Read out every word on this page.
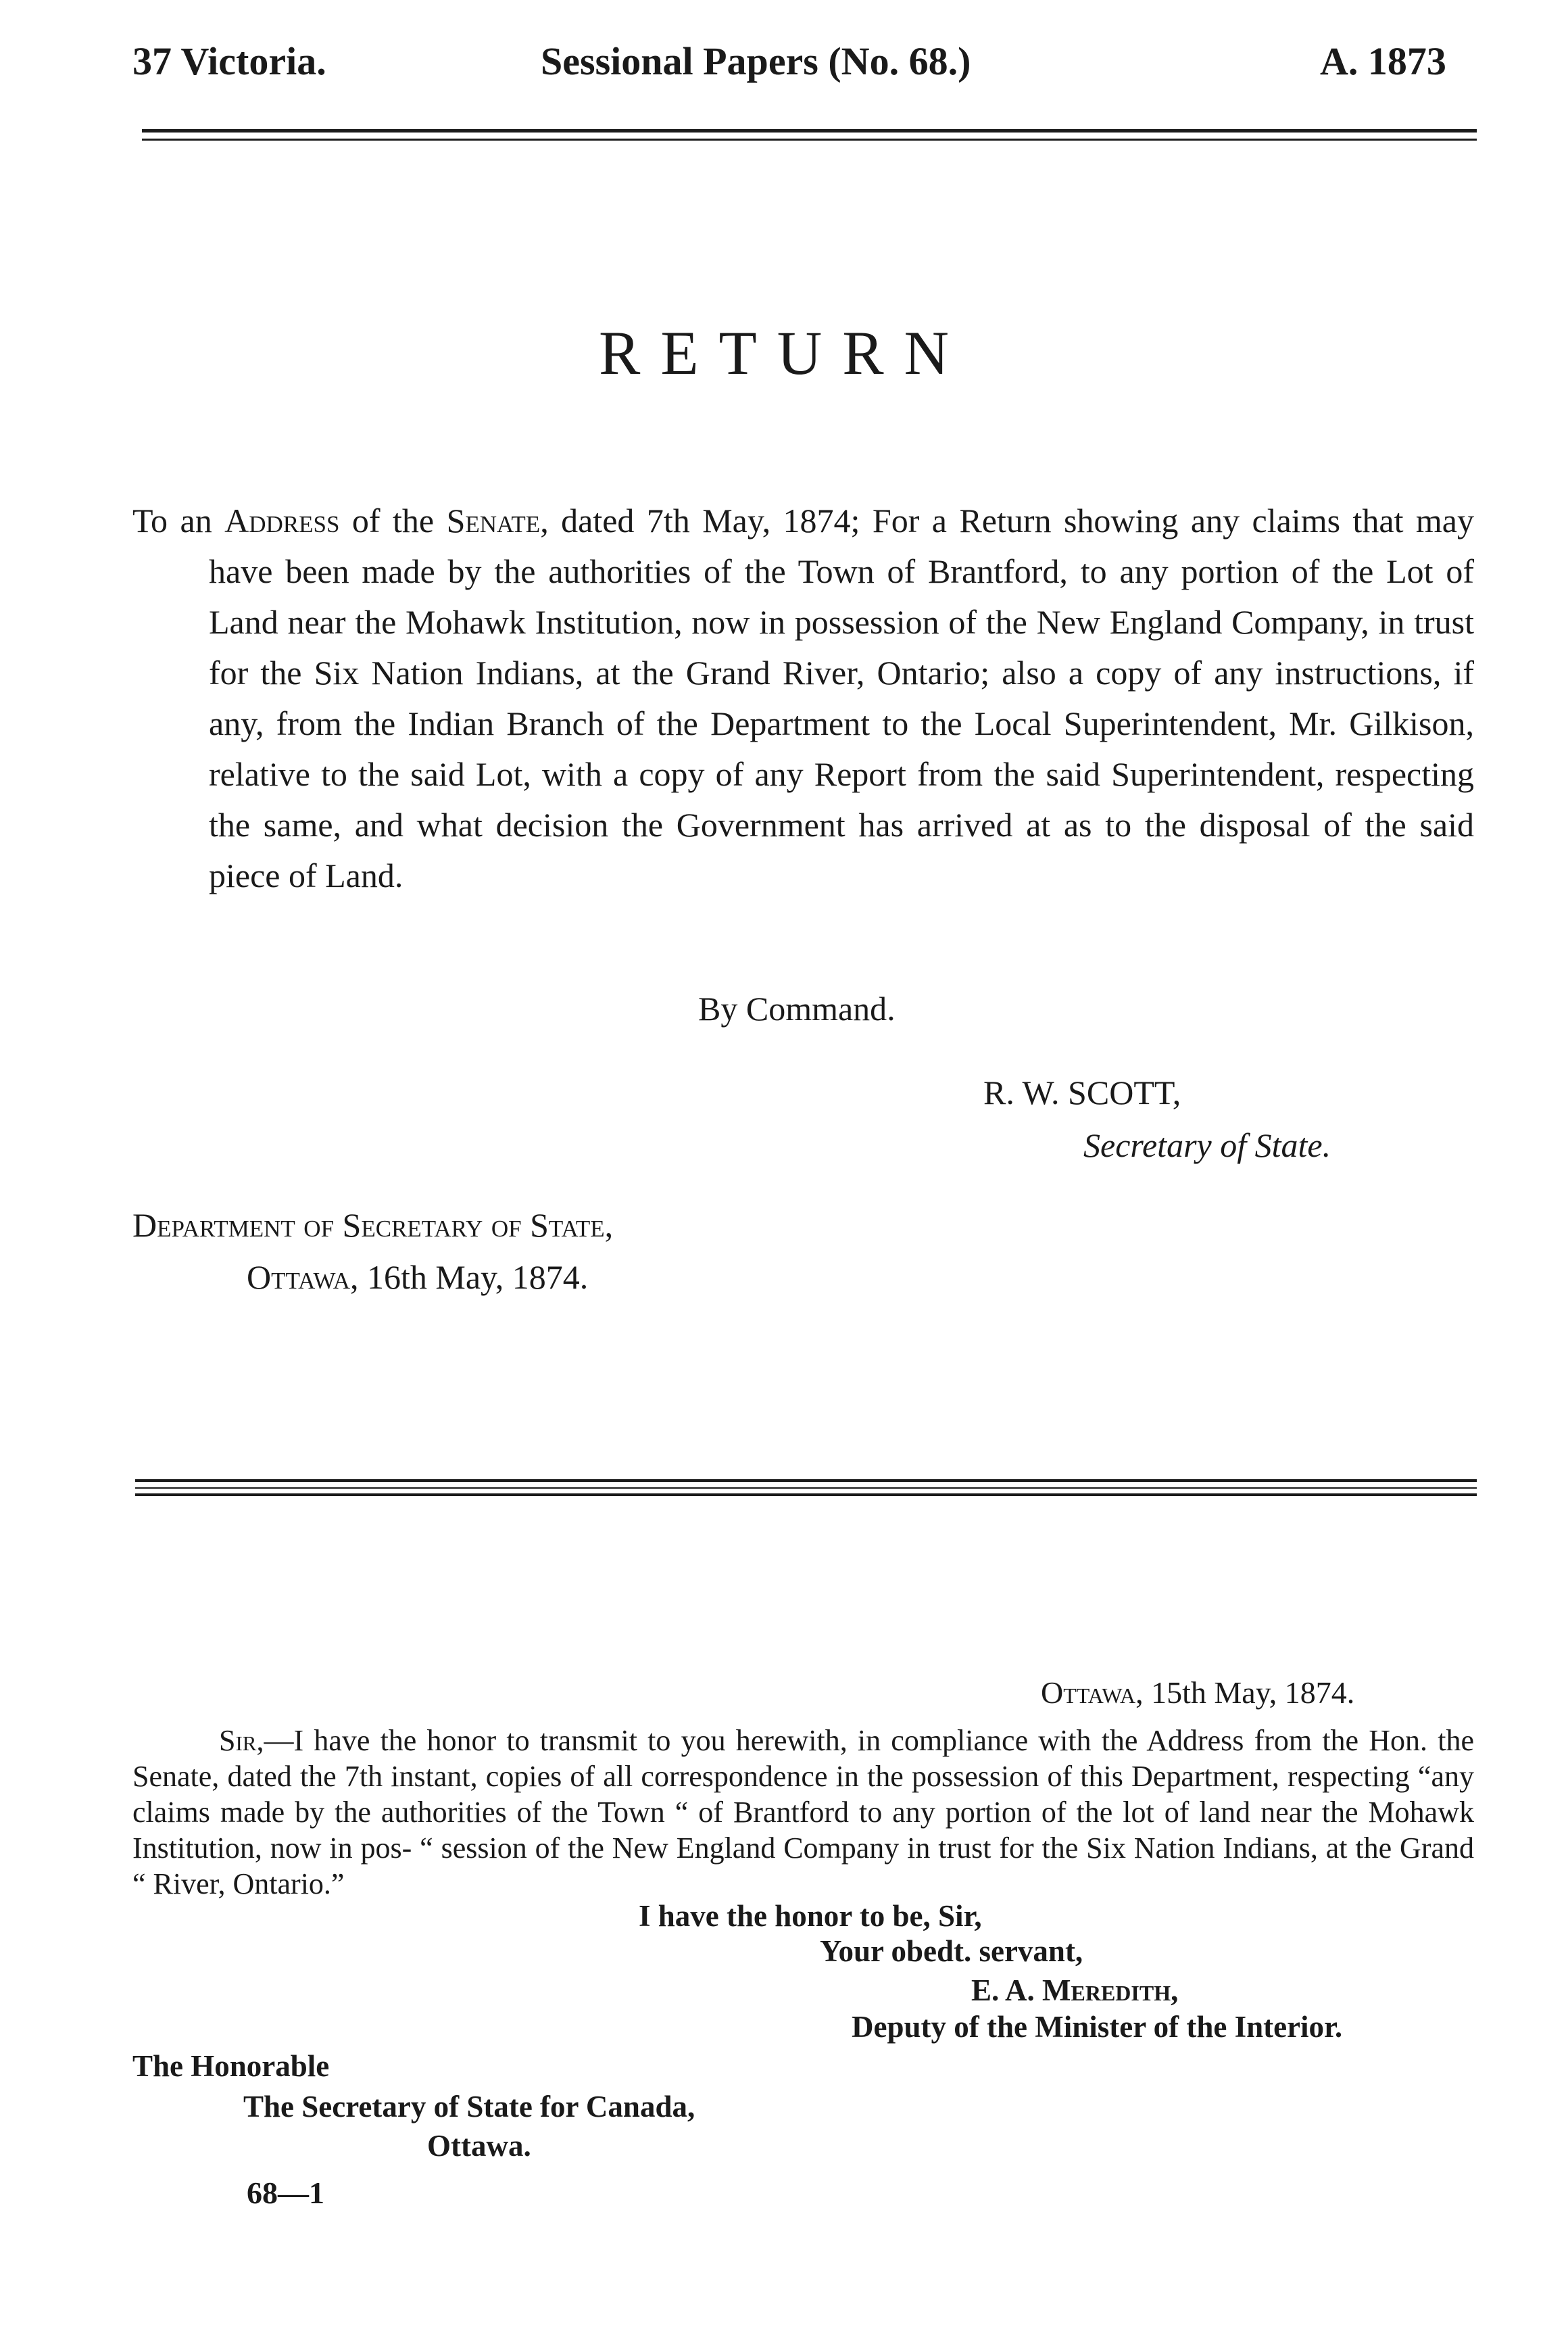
37 Victoria.	Sessional Papers (No. 68.)	A. 1873
RETURN

To an Address of the Senate, dated 7th May, 1874; For a Return showing any claims that may have been made by the authorities of the Town of Brantford, to any portion of the Lot of Land near the Mohawk Institution, now in possession of the New England Company, in trust for the Six Nation Indians, at the Grand River, Ontario; also a copy of any instructions, if any, from the Indian Branch of the Department to the Local Superintendent, Mr. Gilkison, relative to the said Lot, with a copy of any Report from the said Superintendent, respecting the same, and what decision the Government has arrived at as to the disposal of the said piece of Land.

By Command.
R. W. SCOTT,
Secretary of State.
Department of Secretary of State,
Ottawa, 16th May, 1874.
Ottawa, 15th May, 1874.

Sir,—I have the honor to transmit to you herewith, in compliance with the Address from the Hon. the Senate, dated the 7th instant, copies of all correspondence in the possession of this Department, respecting “any claims made by the authorities of the Town “ of Brantford to any portion of the lot of land near the Mohawk Institution, now in pos- “ session of the New England Company in trust for the Six Nation Indians, at the Grand “ River, Ontario.”

I have the honor to be, Sir,
Your obedt. servant,
E. A. Meredith,
Deputy of the Minister of the Interior.
The Honorable
The Secretary of State for Canada,
Ottawa.
68—1
